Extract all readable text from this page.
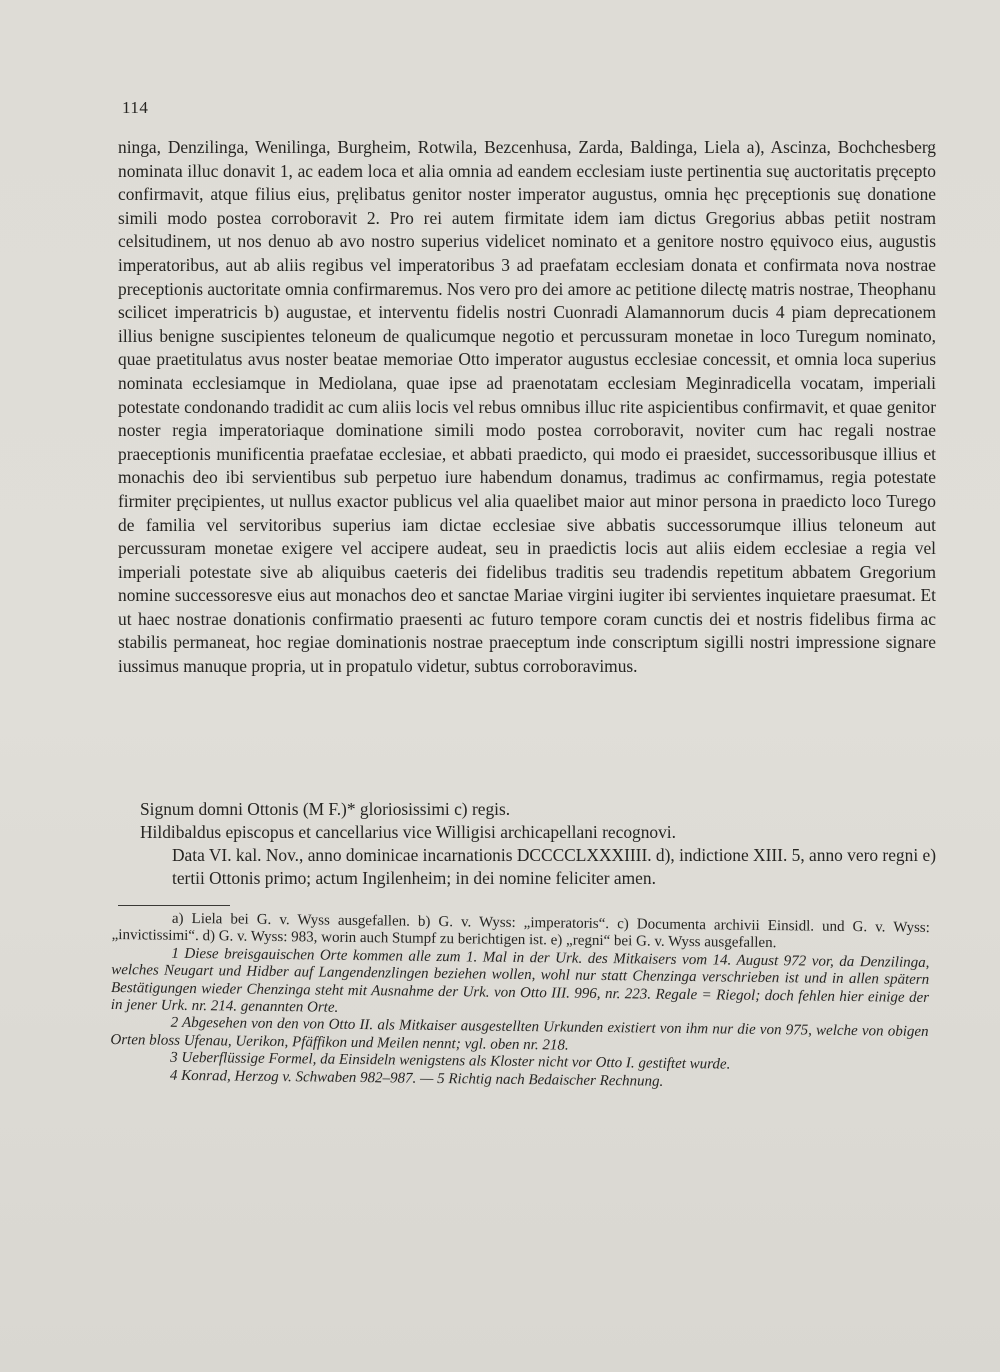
114

ninga, Denzilinga, Wenilinga, Burgheim, Rotwila, Bezcenhusa, Zarda, Baldinga, Liela a), Ascinza, Bochchesberg nominata illuc donavit 1, ac eadem loca et alia omnia ad eandem ecclesiam iuste pertinentia suę auctoritatis pręcepto confirmavit, atque filius eius, pręlibatus genitor noster imperator augustus, omnia hęc pręceptionis suę donatione simili modo postea corroboravit 2. Pro rei autem firmitate idem iam dictus Gregorius abbas petiit nostram celsitudinem, ut nos denuo ab avo nostro superius videlicet nominato et a genitore nostro ęquivoco eius, augustis imperatoribus, aut ab aliis regibus vel imperatoribus 3 ad praefatam ecclesiam donata et confirmata nova nostrae preceptionis auctoritate omnia confirmaremus. Nos vero pro dei amore ac petitione dilectę matris nostrae, Theophanu scilicet imperatricis b) augustae, et interventu fidelis nostri Cuonradi Alamannorum ducis 4 piam deprecationem illius benigne suscipientes teloneum de qualicumque negotio et percussuram monetae in loco Turegum nominato, quae praetitulatus avus noster beatae memoriae Otto imperator augustus ecclesiae concessit, et omnia loca superius nominata ecclesiamque in Mediolana, quae ipse ad praenotatam ecclesiam Meginradicella vocatam, imperiali potestate condonando tradidit ac cum aliis locis vel rebus omnibus illuc rite aspicientibus confirmavit, et quae genitor noster regia imperatoriaque dominatione simili modo postea corroboravit, noviter cum hac regali nostrae praeceptionis munificentia praefatae ecclesiae, et abbati praedicto, qui modo ei praesidet, successoribusque illius et monachis deo ibi servientibus sub perpetuo iure habendum donamus, tradimus ac confirmamus, regia potestate firmiter pręcipientes, ut nullus exactor publicus vel alia quaelibet maior aut minor persona in praedicto loco Turego de familia vel servitoribus superius iam dictae ecclesiae sive abbatis successorumque illius teloneum aut percussuram monetae exigere vel accipere audeat, seu in praedictis locis aut aliis eidem ecclesiae a regia vel imperiali potestate sive ab aliquibus caeteris dei fidelibus traditis seu tradendis repetitum abbatem Gregorium nomine successoresve eius aut monachos deo et sanctae Mariae virgini iugiter ibi servientes inquietare praesumat. Et ut haec nostrae donationis confirmatio praesenti ac futuro tempore coram cunctis dei et nostris fidelibus firma ac stabilis permaneat, hoc regiae dominationis nostrae praeceptum inde conscriptum sigilli nostri impressione signare iussimus manuque propria, ut in propatulo videtur, subtus corroboravimus.

Signum domni Ottonis (M F.)* gloriosissimi c) regis.

Hildibaldus episcopus et cancellarius vice Willigisi archicapellani recognovi.

Data VI. kal. Nov., anno dominicae incarnationis DCCCCLXXXIIII. d), indictione XIII. 5, anno vero regni e) tertii Ottonis primo; actum Ingilenheim; in dei nomine feliciter amen.

a) Liela bei G. v. Wyss ausgefallen. b) G. v. Wyss: „imperatoris“. c) Documenta archivii Einsidl. und G. v. Wyss: „invictissimi“. d) G. v. Wyss: 983, worin auch Stumpf zu berichtigen ist. e) „regni“ bei G. v. Wyss ausgefallen.

1 Diese breisgauischen Orte kommen alle zum 1. Mal in der Urk. des Mitkaisers vom 14. August 972 vor, da Denzilinga, welches Neugart und Hidber auf Langendenzlingen beziehen wollen, wohl nur statt Chenzinga verschrieben ist und in allen spätern Bestätigungen wieder Chenzinga steht mit Ausnahme der Urk. von Otto III. 996, nr. 223. Regale = Riegol; doch fehlen hier einige der in jener Urk. nr. 214. genannten Orte.

2 Abgesehen von den von Otto II. als Mitkaiser ausgestellten Urkunden existiert von ihm nur die von 975, welche von obigen Orten bloss Ufenau, Uerikon, Pfäffikon und Meilen nennt; vgl. oben nr. 218.

3 Ueberflüssige Formel, da Einsideln wenigstens als Kloster nicht vor Otto I. gestiftet wurde.

4 Konrad, Herzog v. Schwaben 982–987. — 5 Richtig nach Bedaischer Rechnung.
